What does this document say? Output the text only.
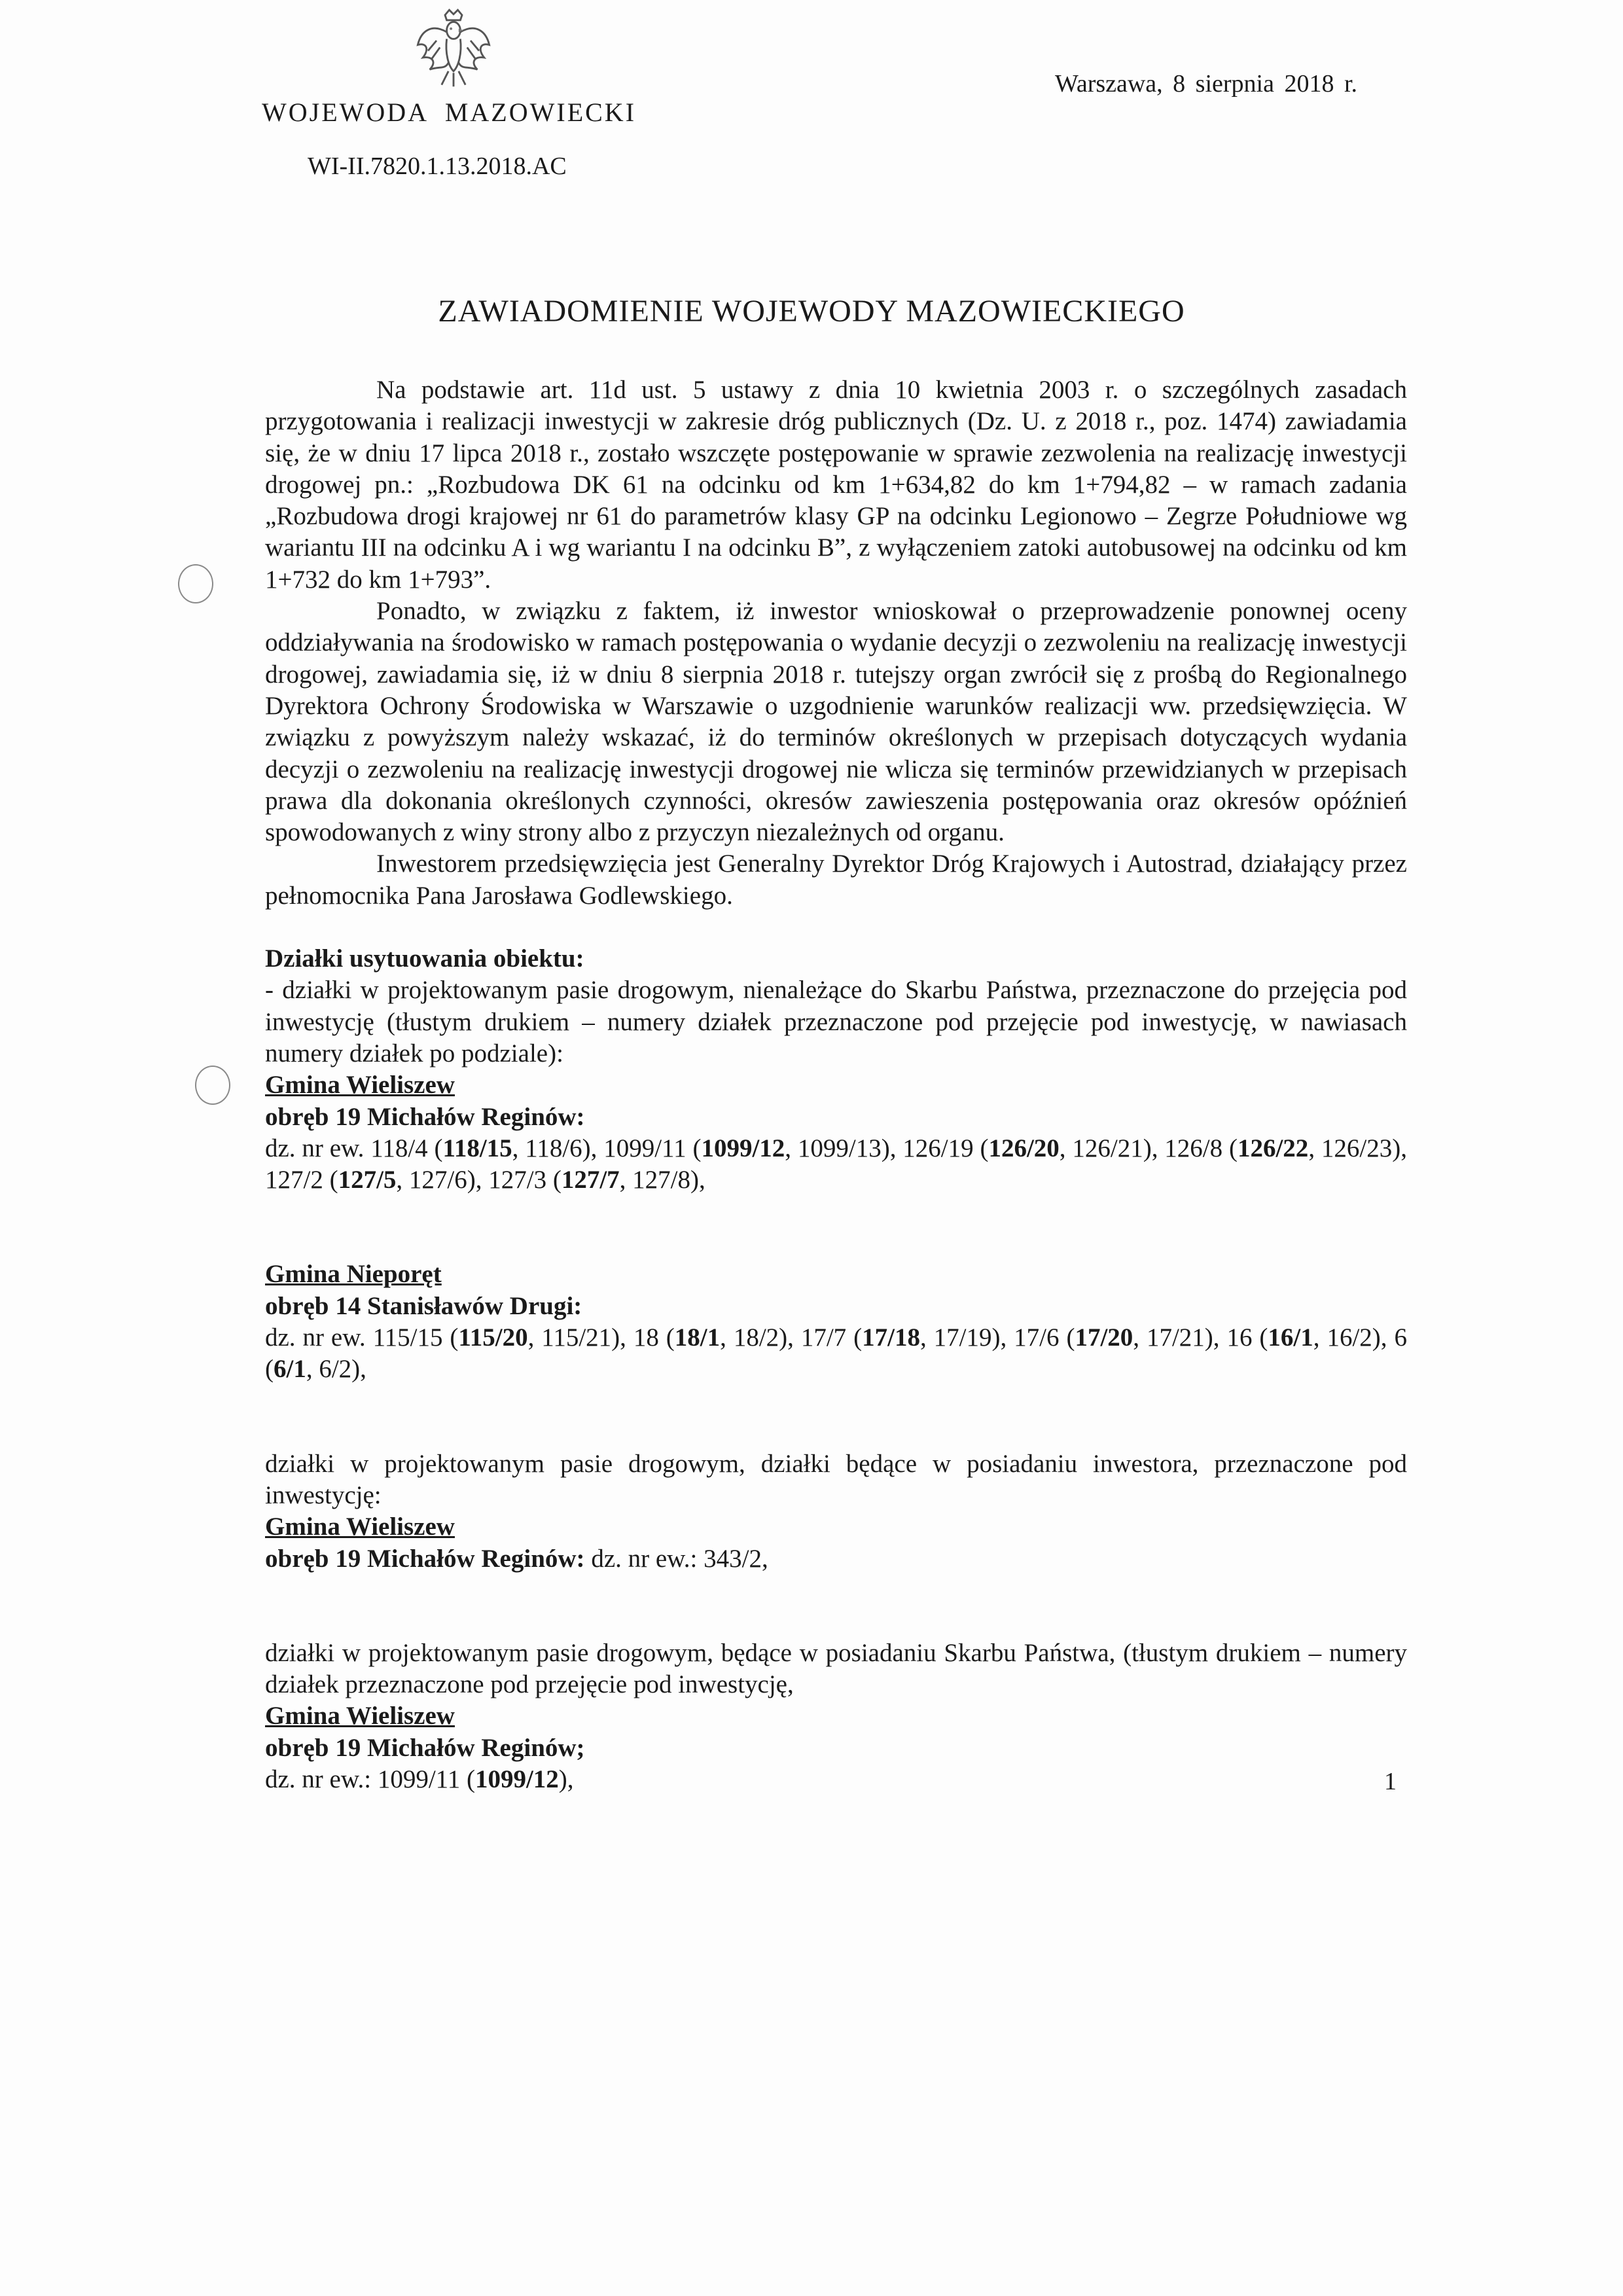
WOJEWODA MAZOWIECKI
WI-II.7820.1.13.2018.AC
Warszawa, 8 sierpnia 2018 r.
ZAWIADOMIENIE WOJEWODY MAZOWIECKIEGO

Na podstawie art. 11d ust. 5 ustawy z dnia 10 kwietnia 2003 r. o szczególnych zasadach przygotowania i realizacji inwestycji w zakresie dróg publicznych (Dz. U. z 2018 r., poz. 1474) zawiadamia się, że w dniu 17 lipca 2018 r., zostało wszczęte postępowanie w sprawie zezwolenia na realizację inwestycji drogowej pn.: „Rozbudowa DK 61 na odcinku od km 1+634,82 do km 1+794,82 – w ramach zadania „Rozbudowa drogi krajowej nr 61 do parametrów klasy GP na odcinku Legionowo – Zegrze Południowe wg wariantu III na odcinku A i wg wariantu I na odcinku B”, z wyłączeniem zatoki autobusowej na odcinku od km 1+732 do km 1+793”.

Ponadto, w związku z faktem, iż inwestor wnioskował o przeprowadzenie ponownej oceny oddziaływania na środowisko w ramach postępowania o wydanie decyzji o zezwoleniu na realizację inwestycji drogowej, zawiadamia się, iż w dniu 8 sierpnia 2018 r. tutejszy organ zwrócił się z prośbą do Regionalnego Dyrektora Ochrony Środowiska w Warszawie o uzgodnienie warunków realizacji ww. przedsięwzięcia. W związku z powyższym należy wskazać, iż do terminów określonych w przepisach dotyczących wydania decyzji o zezwoleniu na realizację inwestycji drogowej nie wlicza się terminów przewidzianych w przepisach prawa dla dokonania określonych czynności, okresów zawieszenia postępowania oraz okresów opóźnień spowodowanych z winy strony albo z przyczyn niezależnych od organu.

Inwestorem przedsięwzięcia jest Generalny Dyrektor Dróg Krajowych i Autostrad, działający przez pełnomocnika Pana Jarosława Godlewskiego.

Działki usytuowania obiektu:

- działki w projektowanym pasie drogowym, nienależące do Skarbu Państwa, przeznaczone do przejęcia pod inwestycję (tłustym drukiem – numery działek przeznaczone pod przejęcie pod inwestycję, w nawiasach numery działek po podziale):

Gmina Wieliszew

obręb 19 Michałów Reginów:

dz. nr ew. 118/4 (118/15, 118/6), 1099/11 (1099/12, 1099/13), 126/19 (126/20, 126/21), 126/8 (126/22, 126/23), 127/2 (127/5, 127/6), 127/3 (127/7, 127/8),

Gmina Nieporęt

obręb 14 Stanisławów Drugi:

dz. nr ew. 115/15 (115/20, 115/21), 18 (18/1, 18/2), 17/7 (17/18, 17/19), 17/6 (17/20, 17/21), 16 (16/1, 16/2), 6 (6/1, 6/2),

działki w projektowanym pasie drogowym, działki będące w posiadaniu inwestora, przeznaczone pod inwestycję:

Gmina Wieliszew

obręb 19 Michałów Reginów: dz. nr ew.: 343/2,

działki w projektowanym pasie drogowym, będące w posiadaniu Skarbu Państwa, (tłustym drukiem – numery działek przeznaczone pod przejęcie pod inwestycję,

Gmina Wieliszew

obręb 19 Michałów Reginów;

dz. nr ew.: 1099/11 (1099/12),	1
